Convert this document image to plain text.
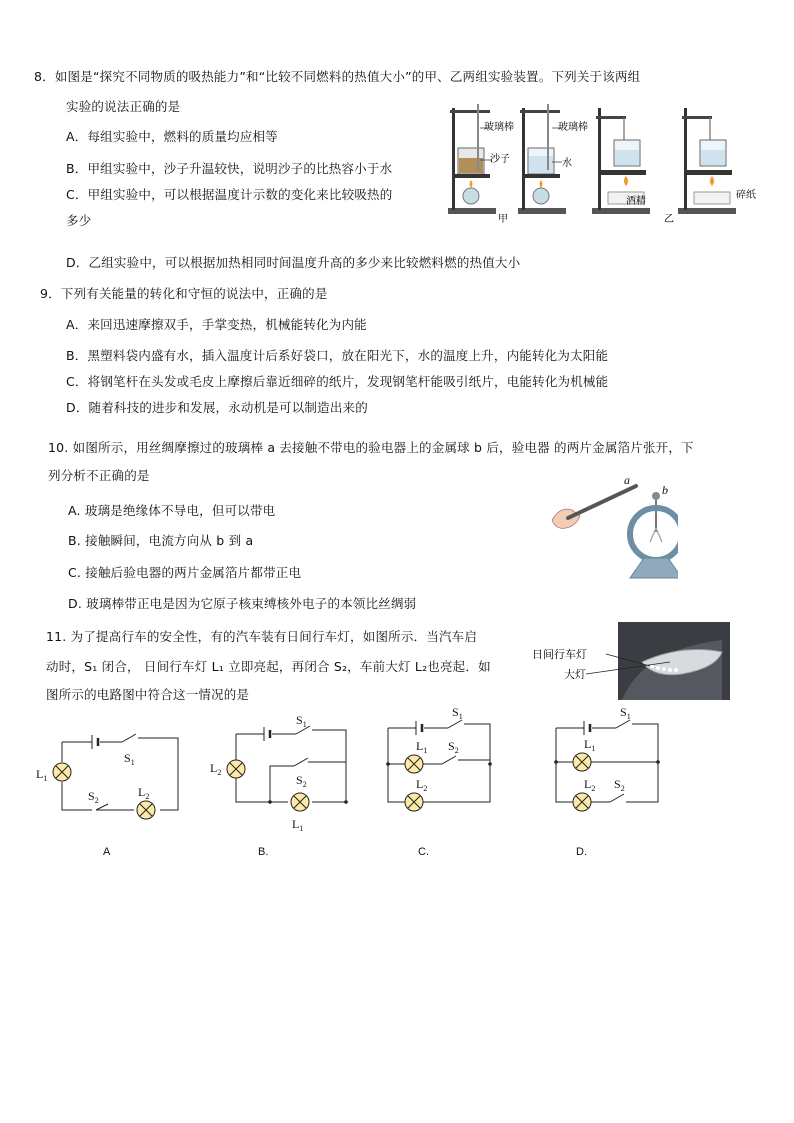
8．如图是“探究不同物质的吸热能力”和“比较不同燃料的热值大小”的甲、乙两组实验装置。下列关于该两组
实验的说法正确的是
A．每组实验中，燃料的质量均应相等
B．甲组实验中，沙子升温较快，说明沙子的比热容小于水
C．甲组实验中，可以根据温度计示数的变化来比较吸热的
多少
D．乙组实验中，可以根据加热相同时间温度升高的多少来比较燃料燃的热值大小
玻璃棒
沙子
玻璃棒
水
酒精
碎纸
甲	乙
9．下列有关能量的转化和守恒的说法中，正确的是
A．来回迅速摩擦双手，手掌变热，机械能转化为内能
B．黑塑料袋内盛有水，插入温度计后系好袋口，放在阳光下，水的温度上升，内能转化为太阳能
C．将钢笔杆在头发或毛皮上摩擦后靠近细碎的纸片，发现钢笔杆能吸引纸片，电能转化为机械能
D．随着科技的进步和发展，永动机是可以制造出来的
10. 如图所示，用丝绸摩擦过的玻璃棒 a 去接触不带电的验电器上的金属球 b 后，验电器 的两片金属箔片张开，下
列分析不正确的是
A. 玻璃是绝缘体不导电，但可以带电
B. 接触瞬间，电流方向从 b 到 a
C. 接触后验电器的两片金属箔片都带正电
D. 玻璃棒带正电是因为它原子核束缚核外电子的本领比丝绸弱
a
b
11. 为了提高行车的安全性，有的汽车装有日间行车灯，如图所示．当汽车启
动时，S₁ 闭合， 日间行车灯 L₁ 立即亮起，再闭合 S₂，车前大灯 L₂也亮起．如
图所示的电路图中符合这一情况的是
日间行车灯
大灯
$L_1$
$S_1$
$S_2$
$L_2$
$L_2$
$S_1$
$S_2$
$L_1$
$S_1$
$L_1$ $S_2$
$L_2$
$S_1$
$L_1$
$L_2$ $S_2$
A	B.	C.	D.
